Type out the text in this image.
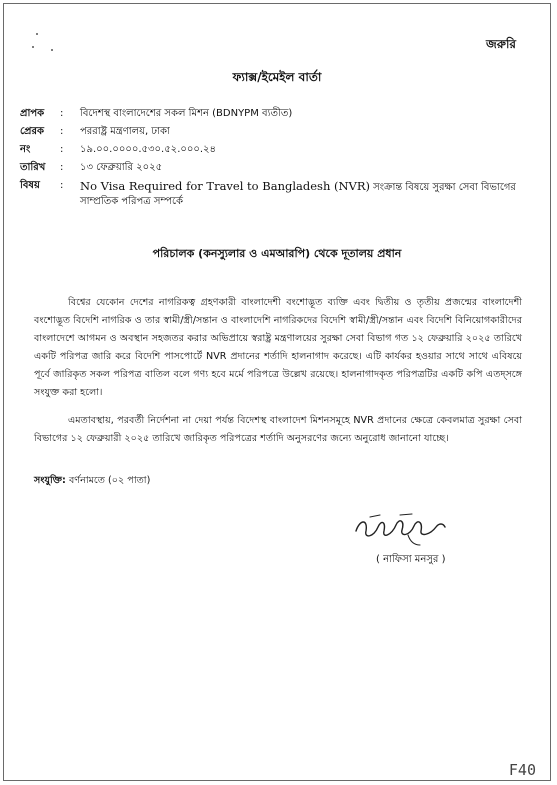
জরুরি
ফ্যাক্স/ইমেইল বার্তা
প্রাপক	:	বিদেশস্থ বাংলাদেশের সকল মিশন (BDNYPM ব্যতীত)
প্রেরক	:	পররাষ্ট্র মন্ত্রণালয়, ঢাকা
নং	:	১৯.০০.০০০০.৫৩০.৫২.০০০.২৪
তারিখ	:	১৩ ফেব্রুয়ারি ২০২৫
বিষয়	:	No Visa Required for Travel to Bangladesh (NVR) সংক্রান্ত বিষয়ে সুরক্ষা সেবা বিভাগের সাম্প্রতিক পরিপত্র সম্পর্কে
পরিচালক (কনস্যুলার ও এমআরপি) থেকে দূতালয় প্রধান

বিশ্বের যেকোন দেশের নাগরিকত্ব গ্রহণকারী বাংলাদেশী বংশোদ্ভূত ব্যক্তি এবং দ্বিতীয় ও তৃতীয় প্রজন্মের বাংলাদেশী বংশোদ্ভূত বিদেশি নাগরিক ও তার স্বামী/স্ত্রী/সন্তান ও বাংলাদেশি নাগরিকদের বিদেশি স্বামী/স্ত্রী/সন্তান এবং বিদেশি বিনিয়োগকারীদের বাংলাদেশে আগমন ও অবস্থান সহজতর করার অভিপ্রায়ে স্বরাষ্ট্র মন্ত্রণালয়ের সুরক্ষা সেবা বিভাগ গত ১২ ফেব্রুয়ারি ২০২৫ তারিখে একটি পরিপত্র জারি করে বিদেশি পাসপোর্টে NVR প্রদানের শর্তাদি হালনাগাদ করেছে। এটি কার্যকর হওয়ার সাথে সাথে এবিষয়ে পূর্বে জারিকৃত সকল পরিপত্র বাতিল বলে গণ্য হবে মর্মে পরিপত্রে উল্লেখ রয়েছে। হালনাগাদকৃত পরিপত্রটির একটি কপি এতদ্সঙ্গে সংযুক্ত করা হলো।

এমতাবস্থায়, পরবর্তী নির্দেশনা না দেয়া পর্যন্ত বিদেশস্থ বাংলাদেশ মিশনসমূহে NVR প্রদানের ক্ষেত্রে কেবলমাত্র সুরক্ষা সেবা বিভাগের ১২ ফেব্রুয়ারী ২০২৫ তারিখে জারিকৃত পরিপত্রের শর্তাদি অনুসরণের জন্যে অনুরোধ জানানো যাচ্ছে।

সংযুক্তি: বর্ণনামতে (০২ পাতা)
( নাফিসা মনসুর )
F40
